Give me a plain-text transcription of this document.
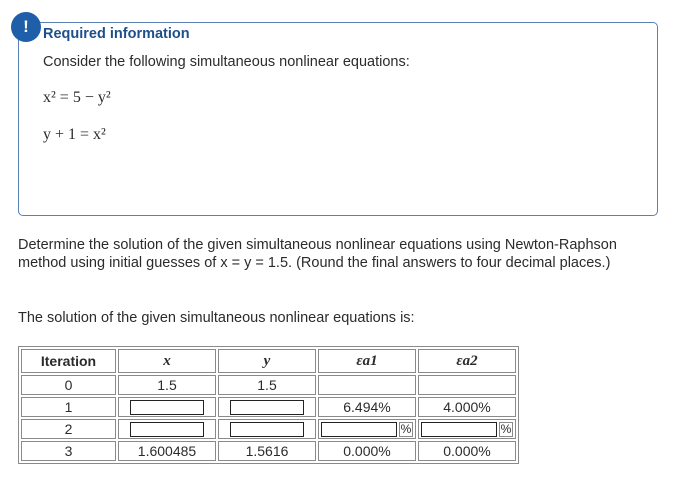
! Required information
Consider the following simultaneous nonlinear equations:
x² = 5 − y²
y + 1 = x²
Determine the solution of the given simultaneous nonlinear equations using Newton-Raphson method using initial guesses of x = y = 1.5. (Round the final answers to four decimal places.)
The solution of the given simultaneous nonlinear equations is:
Iteration	x	y	εa1	εa2
0	1.5	1.5		
1			6.494%	4.000%
2			%	%

3	1.600485	1.5616	0.000%	0.000%
